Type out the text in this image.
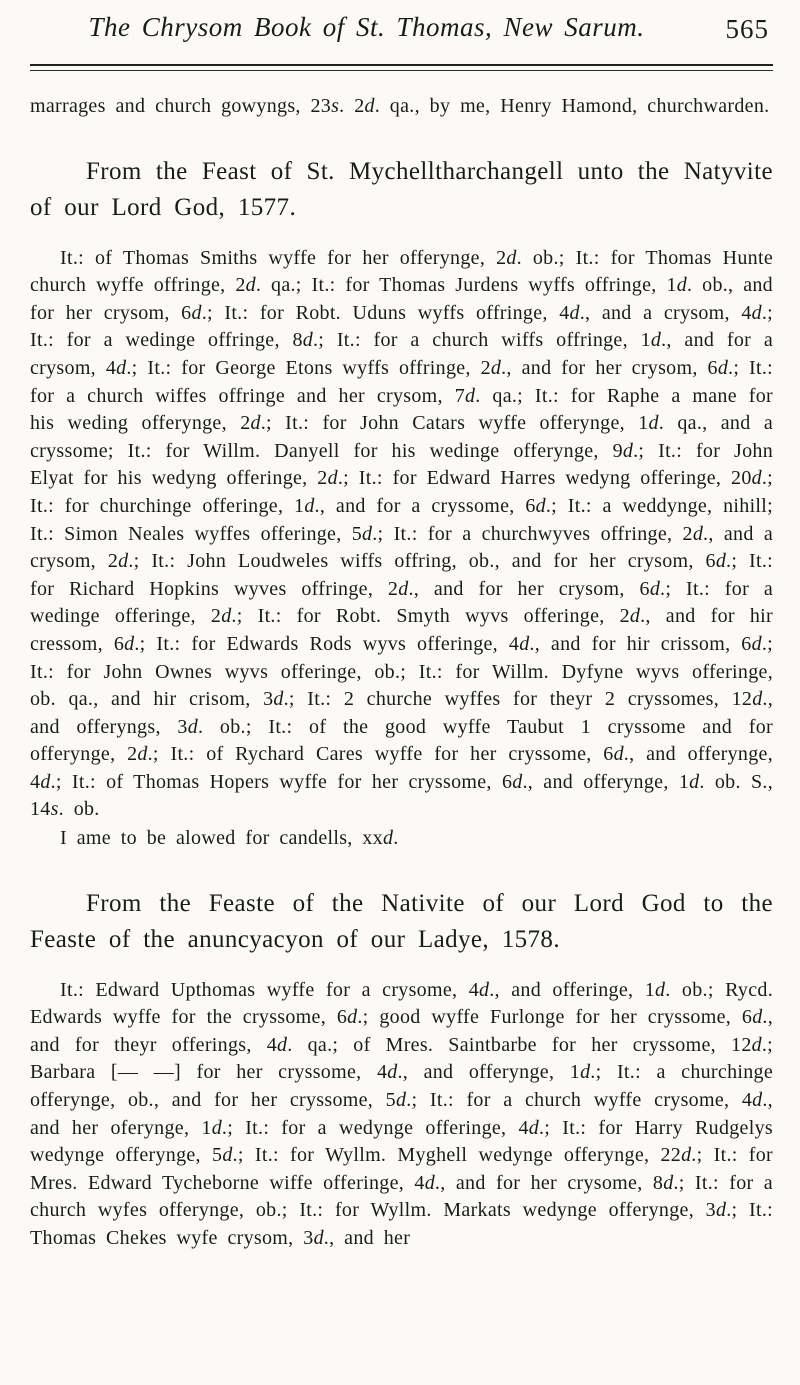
The Chrysom Book of St. Thomas, New Sarum.	565

marrages and church gowyngs, 23s. 2d. qa., by me, Henry Hamond, churchwarden.

From the Feast of St. Mychelltharchangell unto the Natyvite of our Lord God, 1577.

It.: of Thomas Smiths wyffe for her offerynge, 2d. ob.; It.: for Thomas Hunte church wyffe offringe, 2d. qa.; It.: for Thomas Jurdens wyffs offringe, 1d. ob., and for her crysom, 6d.; It.: for Robt. Uduns wyffs offringe, 4d., and a crysom, 4d.; It.: for a wedinge offringe, 8d.; It.: for a church wiffs offringe, 1d., and for a crysom, 4d.; It.: for George Etons wyffs offringe, 2d., and for her crysom, 6d.; It.: for a church wiffes offringe and her crysom, 7d. qa.; It.: for Raphe a mane for his weding offerynge, 2d.; It.: for John Catars wyffe offerynge, 1d. qa., and a cryssome; It.: for Willm. Danyell for his wedinge offerynge, 9d.; It.: for John Elyat for his wedyng offeringe, 2d.; It.: for Edward Harres wedyng offeringe, 20d.; It.: for churchinge offeringe, 1d., and for a cryssome, 6d.; It.: a weddynge, nihill; It.: Simon Neales wyffes offeringe, 5d.; It.: for a churchwyves offringe, 2d., and a crysom, 2d.; It.: John Loudweles wiffs offring, ob., and for her crysom, 6d.; It.: for Richard Hopkins wyves offringe, 2d., and for her crysom, 6d.; It.: for a wedinge offeringe, 2d.; It.: for Robt. Smyth wyvs offeringe, 2d., and for hir cressom, 6d.; It.: for Edwards Rods wyvs offeringe, 4d., and for hir crissom, 6d.; It.: for John Ownes wyvs offeringe, ob.; It.: for Willm. Dyfyne wyvs offeringe, ob. qa., and hir crisom, 3d.; It.: 2 churche wyffes for theyr 2 cryssomes, 12d., and offeryngs, 3d. ob.; It.: of the good wyffe Taubut 1 cryssome and for offerynge, 2d.; It.: of Rychard Cares wyffe for her cryssome, 6d., and offerynge, 4d.; It.: of Thomas Hopers wyffe for her cryssome, 6d., and offerynge, 1d. ob. S., 14s. ob.

I ame to be alowed for candells, xxd.

From the Feaste of the Nativite of our Lord God to the Feaste of the anuncyacyon of our Ladye, 1578.

It.: Edward Upthomas wyffe for a crysome, 4d., and offeringe, 1d. ob.; Rycd. Edwards wyffe for the cryssome, 6d.; good wyffe Furlonge for her cryssome, 6d., and for theyr offerings, 4d. qa.; of Mres. Saintbarbe for her cryssome, 12d.; Barbara [— —] for her cryssome, 4d., and offerynge, 1d.; It.: a churchinge offerynge, ob., and for her cryssome, 5d.; It.: for a church wyffe crysome, 4d., and her oferynge, 1d.; It.: for a wedynge offeringe, 4d.; It.: for Harry Rudgelys wedynge offerynge, 5d.; It.: for Wyllm. Myghell wedynge offerynge, 22d.; It.: for Mres. Edward Tycheborne wiffe offeringe, 4d., and for her crysome, 8d.; It.: for a church wyfes offerynge, ob.; It.: for Wyllm. Markats wedynge offerynge, 3d.; It.: Thomas Chekes wyfe crysom, 3d., and her
